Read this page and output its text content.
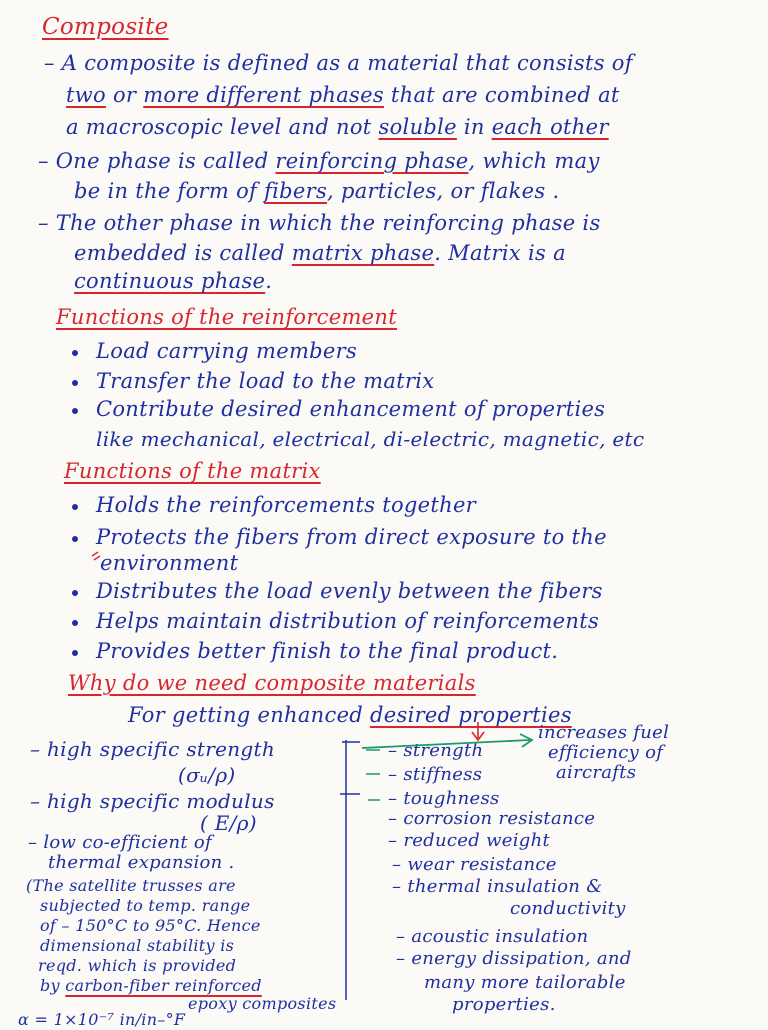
Composite
– A composite is defined as a material that consists of
two or more different phases that are combined at
a macroscopic level and not soluble in each other
– One phase is called reinforcing phase, which may
be in the form of fibers, particles, or flakes .
– The other phase in which the reinforcing phase is
embedded is called matrix phase. Matrix is a
continuous phase.
Functions of the reinforcement
Load carrying members
Transfer the load to the matrix
Contribute desired enhancement of properties
like mechanical, electrical, di-electric, magnetic, etc
Functions of the matrix
Holds the reinforcements together
Protects the fibers from direct exposure to the
environment
Distributes the load evenly between the fibers
Helps maintain distribution of reinforcements
Provides better finish to the final product.
Why do we need composite materials
For getting enhanced desired properties
increases fuel
efficiency of
aircrafts
– high specific strength
(σᵤ/ρ)
– high specific modulus
( E/ρ)
– low co-efficient of
thermal expansion .
(The satellite trusses are
subjected to temp. range
of – 150°C to 95°C. Hence
dimensional stability is
reqd. which is provided
by carbon-fiber reinforced
epoxy composites
α = 1×10⁻⁷ in/in–°F
– strength
– stiffness
– toughness
– corrosion resistance
– reduced weight
– wear resistance
– thermal insulation &
conductivity
– acoustic insulation
– energy dissipation, and
many more tailorable
properties.
